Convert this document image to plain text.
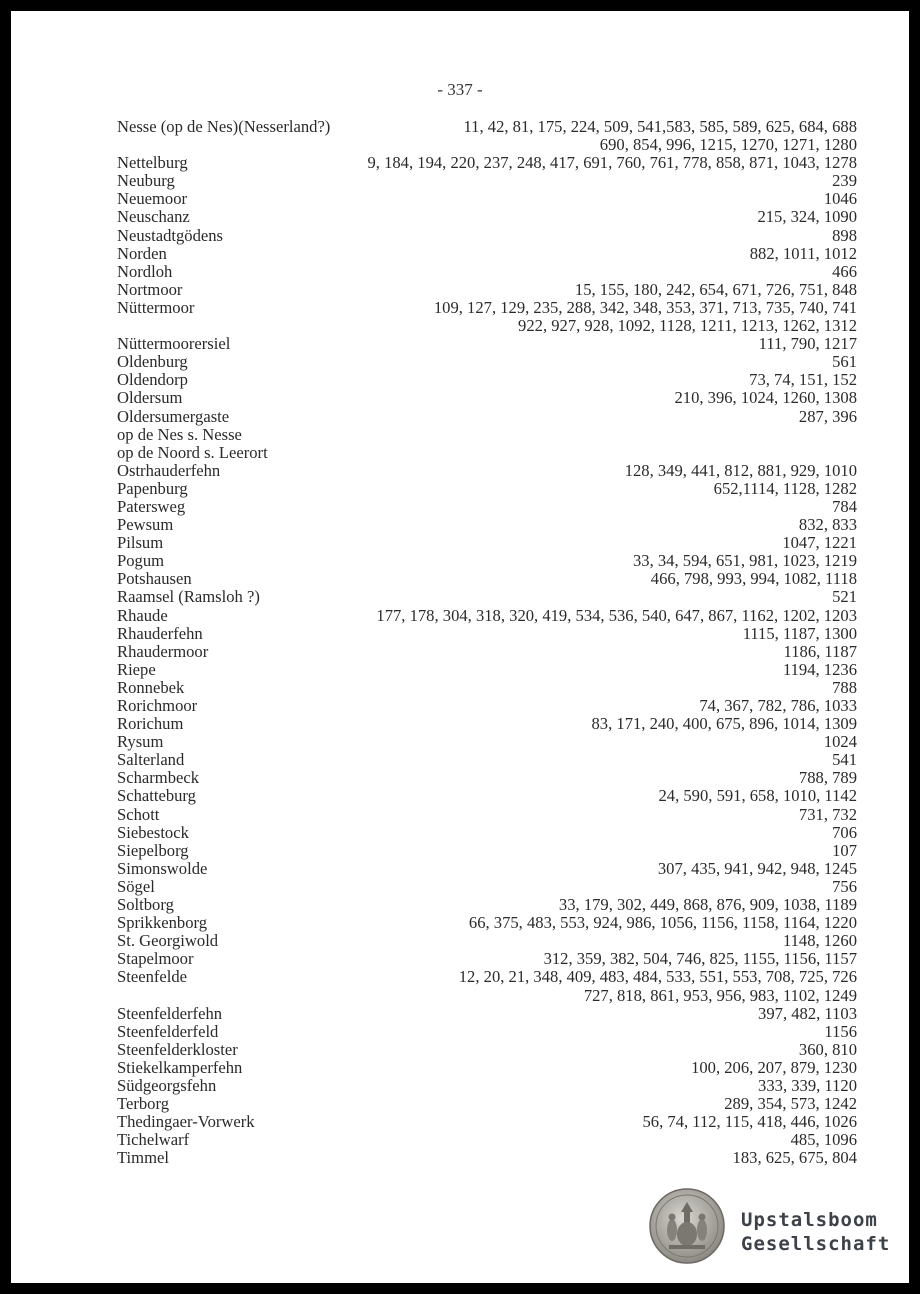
- 337 -
Nesse (op de Nes)(Nesserland?)	11, 42, 81, 175, 224, 509, 541,583, 585, 589, 625, 684, 688
690, 854, 996, 1215, 1270, 1271, 1280
Nettelburg	9, 184, 194, 220, 237, 248, 417, 691, 760, 761, 778, 858, 871, 1043, 1278
Neuburg	239
Neuemoor	1046
Neuschanz	215, 324, 1090
Neustadtgödens	898
Norden	882, 1011, 1012
Nordloh	466
Nortmoor	15, 155, 180, 242, 654, 671, 726, 751, 848
Nüttermoor	109, 127, 129, 235, 288, 342, 348, 353, 371, 713, 735, 740, 741
922, 927, 928, 1092, 1128, 1211, 1213, 1262, 1312
Nüttermoorersiel	111, 790, 1217
Oldenburg	561
Oldendorp	73, 74, 151, 152
Oldersum	210, 396, 1024, 1260, 1308
Oldersumergaste	287, 396
op de Nes s. Nesse
op de Noord s. Leerort
Ostrhauderfehn	128, 349, 441, 812, 881, 929, 1010
Papenburg	652,1114, 1128, 1282
Patersweg	784
Pewsum	832, 833
Pilsum	1047, 1221
Pogum	33, 34, 594, 651, 981, 1023, 1219
Potshausen	466, 798, 993, 994, 1082, 1118
Raamsel (Ramsloh ?)	521
Rhaude	177, 178, 304, 318, 320, 419, 534, 536, 540, 647, 867, 1162, 1202, 1203
Rhauderfehn	1115, 1187, 1300
Rhaudermoor	1186, 1187
Riepe	1194, 1236
Ronnebek	788
Rorichmoor	74, 367, 782, 786, 1033
Rorichum	83, 171, 240, 400, 675, 896, 1014, 1309
Rysum	1024
Salterland	541
Scharmbeck	788, 789
Schatteburg	24, 590, 591, 658, 1010, 1142
Schott	731, 732
Siebestock	706
Siepelborg	107
Simonswolde	307, 435, 941, 942, 948, 1245
Sögel	756
Soltborg	33, 179, 302, 449, 868, 876, 909, 1038, 1189
Sprikkenborg	66, 375, 483, 553, 924, 986, 1056, 1156, 1158, 1164, 1220
St. Georgiwold	1148, 1260
Stapelmoor	312, 359, 382, 504, 746, 825, 1155, 1156, 1157
Steenfelde	12, 20, 21, 348, 409, 483, 484, 533, 551, 553, 708, 725, 726
727, 818, 861, 953, 956, 983, 1102, 1249
Steenfelderfehn	397, 482, 1103
Steenfelderfeld	1156
Steenfelderkloster	360, 810
Stiekelkamperfehn	100, 206, 207, 879, 1230
Südgeorgsfehn	333, 339, 1120
Terborg	289, 354, 573, 1242
Thedingaer-Vorwerk	56, 74, 112, 115, 418, 446, 1026
Tichelwarf	485, 1096
Timmel	183, 625, 675, 804
Upstalsboom
Gesellschaft
